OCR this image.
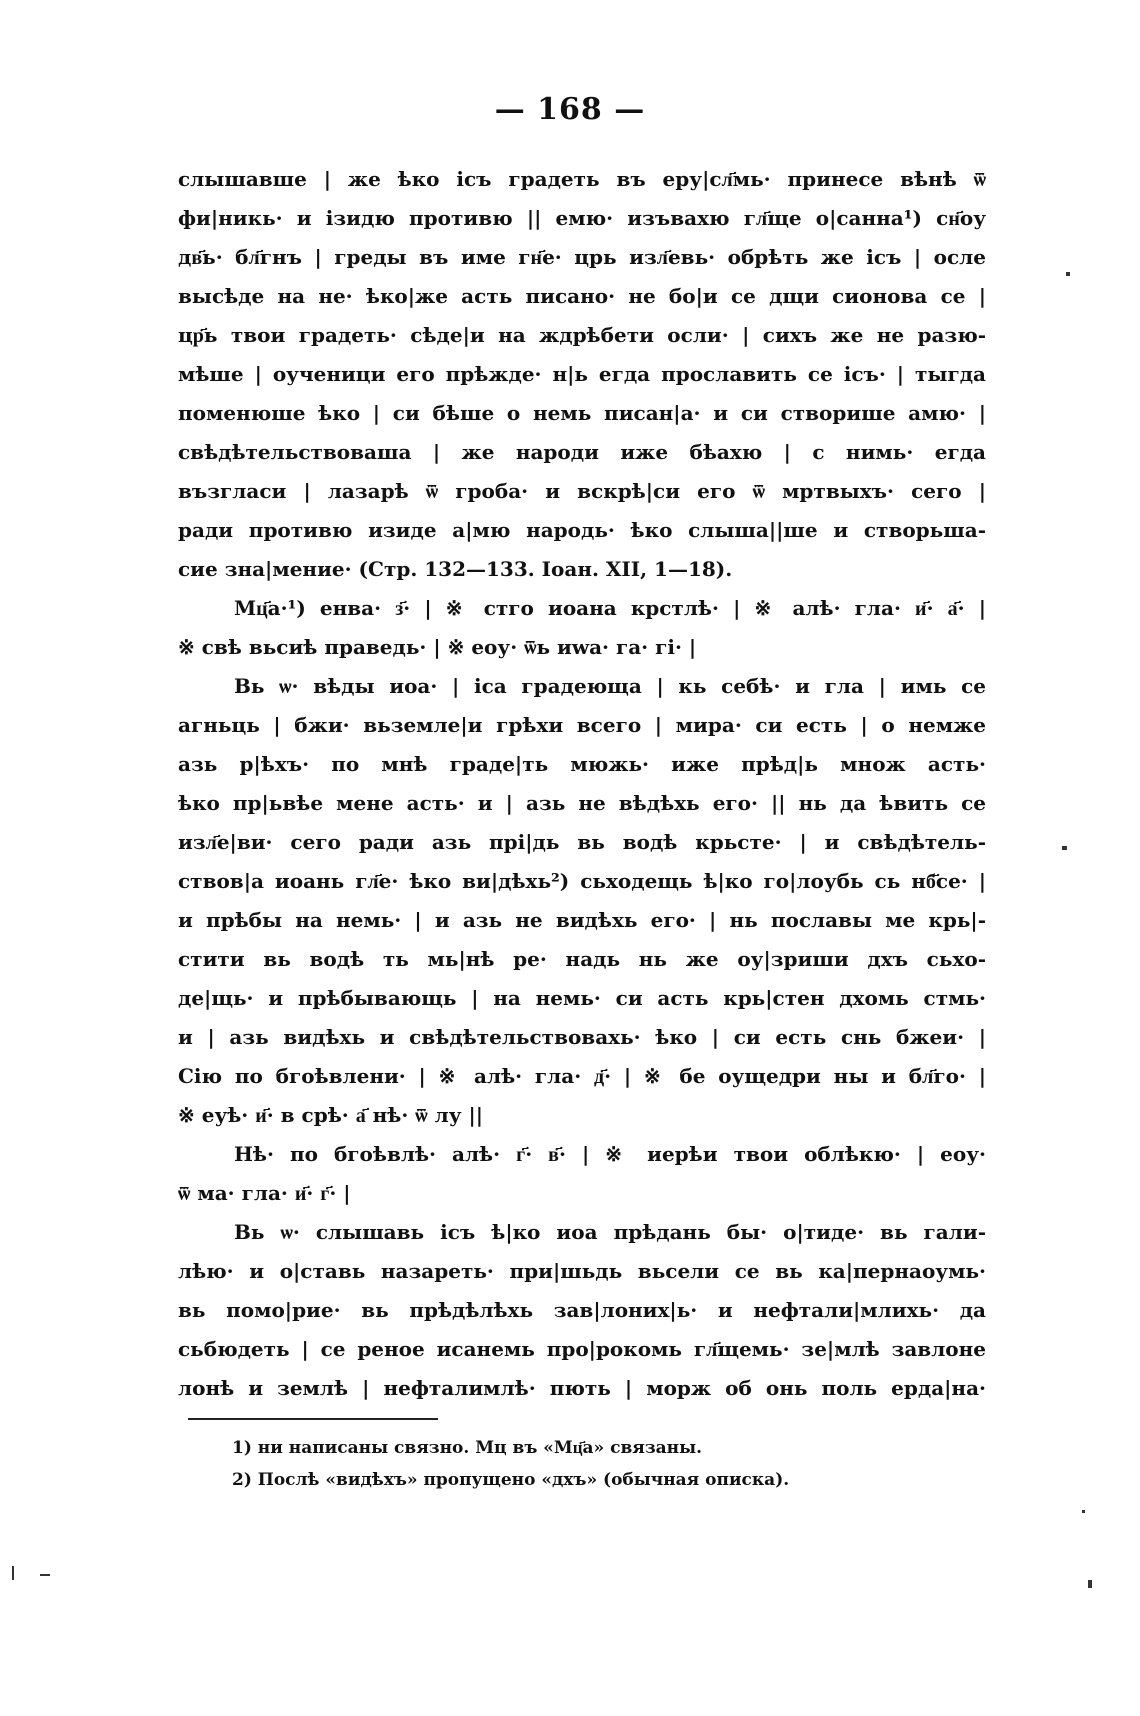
— 168 —
слышавше | же ѣко ісъ градеть въ еру|сл҃мь· принесе вѣнѣ ѿ
фи|никь· и ізидю противю || емю· изъвахю гл҃ще о|санна¹) сн҃оу
дв҃ь· бл҃гнъ | греды въ име гн҃е· црь изл҃евь· обрѣть же ісъ | осле
высѣде на не· ѣко|же асть писано· не бо|и се дщи сионова се |
цр҃ь твои градеть· сѣде|и на ждрѣбети осли· | сихъ же не разю-
мѣше | оученици его прѣжде· н|ь егда прославить се ісъ· | тыгда
поменюше ѣко | си бѣше о немь писан|а· и си створише амю· |
свѣдѣтельствоваша | же народи иже бѣахю | с нимь· егда
възгласи | лазарѣ ѿ гроба· и вскрѣ|си его ѿ мртвыхъ· сего |
ради противю изиде а|мю народь· ѣко слыша||ше и створьша-
сие зна|мение· (Стр. 132—133. Іоан. XII, 1—18).
Мц҃а·¹) енва· з҃· | ※ стго иоана крстлѣ· | ※ алѣ· гла· и҃· а҃· |
※ свѣ вьсиѣ праведь· | ※ еоу· ѿь иwа· га· гі· |
Вь ѡ· вѣды иоа· | іса градеюща | кь себѣ· и гла | имь се
агньць | бжи· вьземле|и грѣхи всего | мира· си есть | о немже
азь р|ѣхъ· по мнѣ граде|ть мюжь· иже прѣд|ь множ асть·
ѣко пр|ьвѣе мене асть· и | азь не вѣдѣхь его· || нь да ѣвить се
изл҃е|ви· сего ради азь прі|дь вь водѣ крьсте· | и свѣдѣтель-
ствов|а иоань гл҃е· ѣко ви|дѣхь²) сьходещь ѣ|ко го|лоубь сь нб҃се· |
и прѣбы на немь· | и азь не видѣхь его· | нь пославы ме крь|-
стити вь водѣ ть мь|нѣ ре· надь нь же оу|зриши дхъ сьхо-
де|щь· и прѣбывающь | на немь· си асть крь|стен дхомь стмь·
и | азь видѣхь и свѣдѣтельствовахь· ѣко | си есть снь бжеи· |
Сію по бгоѣвлени· | ※ алѣ· гла· д҃· | ※ бе оущедри ны и бл҃го· |
※ еуѣ· и҃· в срѣ· а҃ нѣ· ѿ лу ||
Нѣ· по бгоѣвлѣ· алѣ· г҃· в҃· | ※ иерѣи твои облѣкю· | еоу·
ѿ ма· гла· и҃· г҃· |
Вь ѡ· слышавь ісъ ѣ|ко иоа прѣдань бы· о|тиде· вь гали-
лѣю· и о|ставь назареть· при|шьдь вьсели се вь ка|пернаоумь·
вь помо|рие· вь прѣдѣлѣхь зав|лоних|ь· и нефтали|млихь· да
сьбюдеть | се реное исанемь про|рокомь гл҃щемь· зе|млѣ завлоне
лонѣ и землѣ | нефталимлѣ· пють | морж об онь поль ерда|на·
1) ни написаны связно. Мц въ «Мц҃а» связаны.
2) Послѣ «видѣхъ» пропущено «дхъ» (обычная описка).
